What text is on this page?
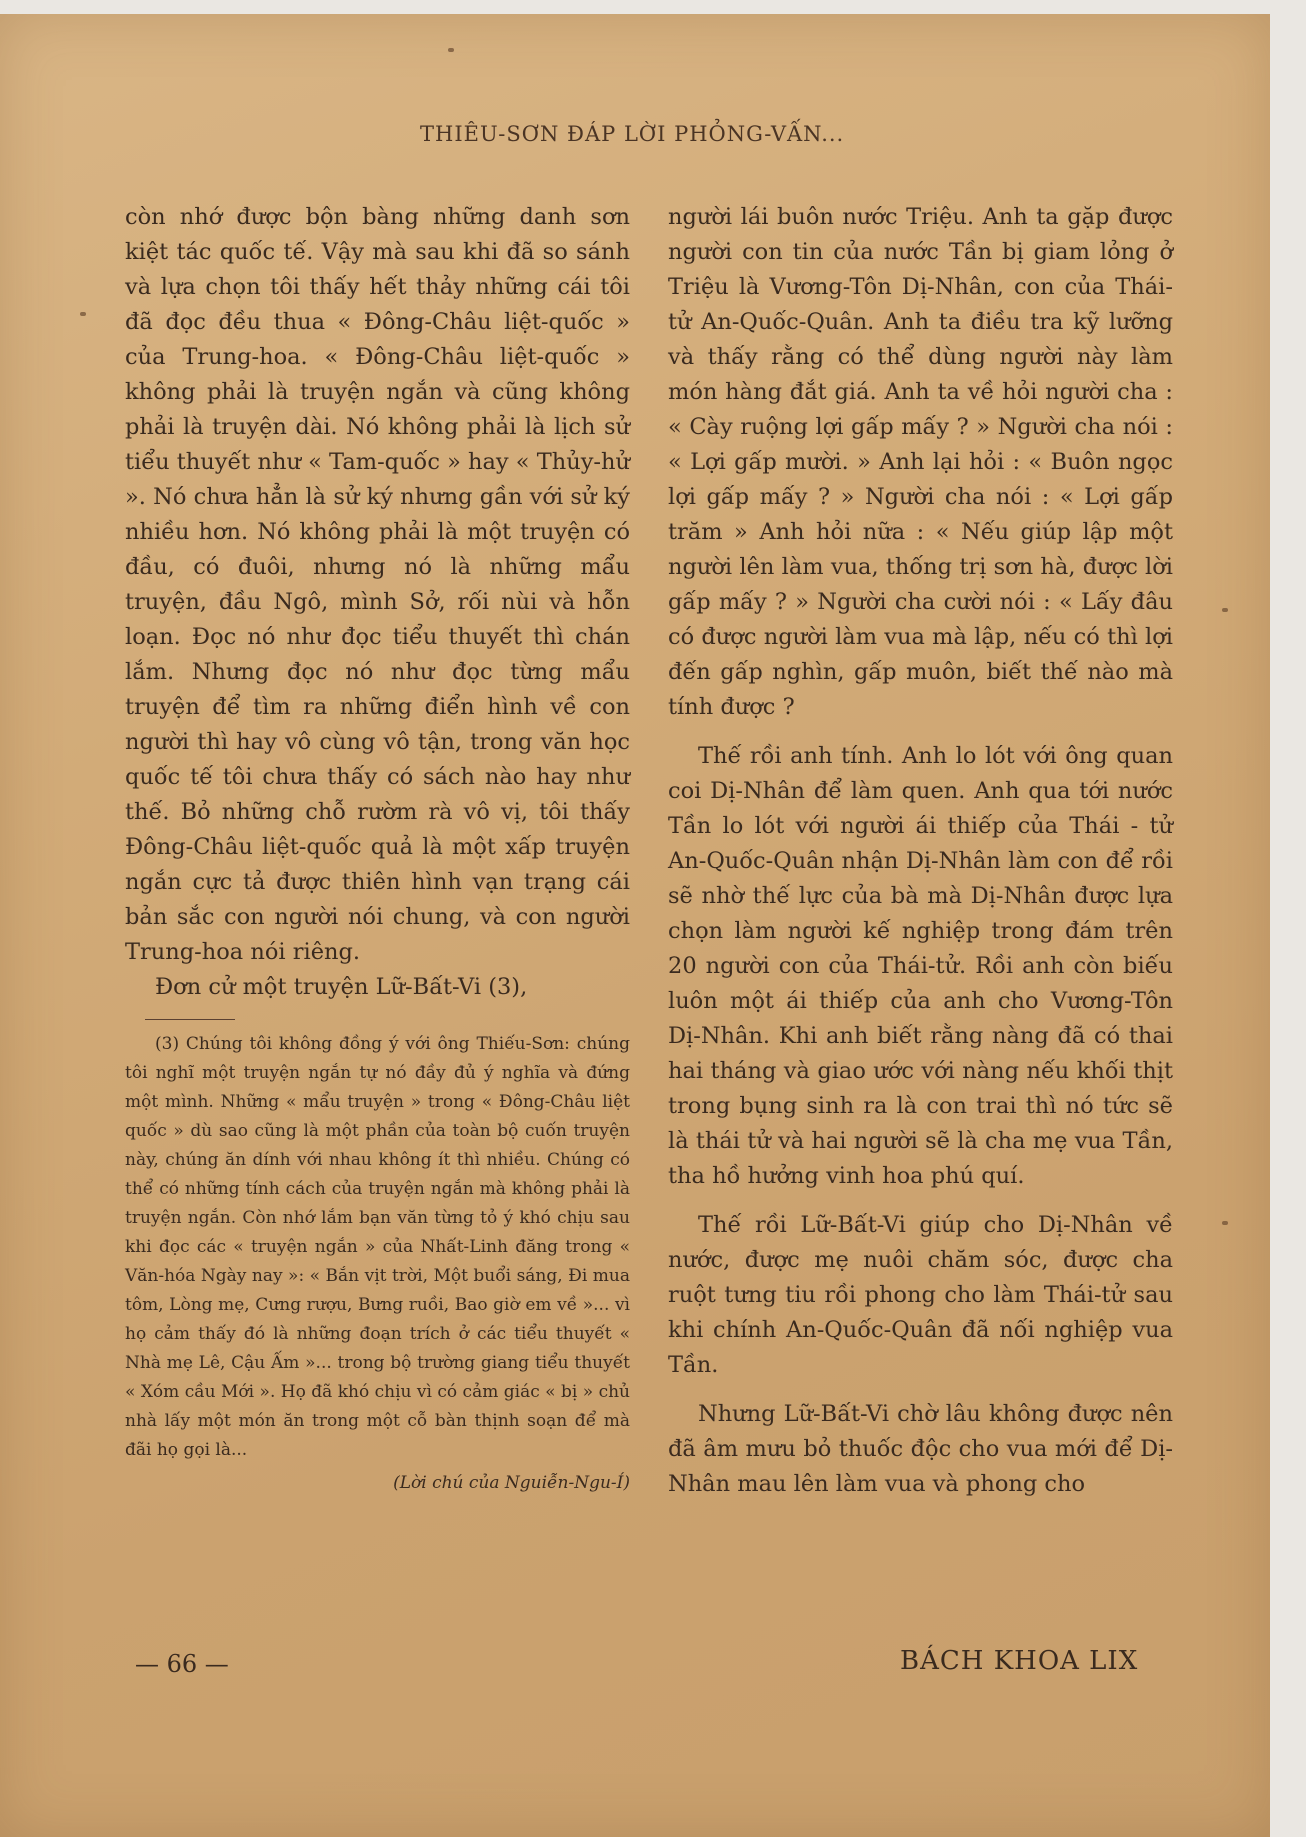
THIÊU-SƠN ĐÁP LỜI PHỎNG-VẤN...

còn nhớ được bộn bàng những danh sơn kiệt tác quốc tế. Vậy mà sau khi đã so sánh và lựa chọn tôi thấy hết thảy những cái tôi đã đọc đều thua « Đông-Châu liệt-quốc » của Trung-hoa. « Đông-Châu liệt-quốc » không phải là truyện ngắn và cũng không phải là truyện dài. Nó không phải là lịch sử tiểu thuyết như « Tam-quốc » hay « Thủy-hử ». Nó chưa hẳn là sử ký nhưng gần với sử ký nhiều hơn. Nó không phải là một truyện có đầu, có đuôi, nhưng nó là những mẩu truyện, đầu Ngô, mình Sở, rối nùi và hỗn loạn. Đọc nó như đọc tiểu thuyết thì chán lắm. Nhưng đọc nó như đọc từng mẩu truyện để tìm ra những điển hình về con người thì hay vô cùng vô tận, trong văn học quốc tế tôi chưa thấy có sách nào hay như thế. Bỏ những chỗ rườm rà vô vị, tôi thấy Đông-Châu liệt-quốc quả là một xấp truyện ngắn cực tả được thiên hình vạn trạng cái bản sắc con người nói chung, và con người Trung-hoa nói riêng.

Đơn cử một truyện Lữ-Bất-Vi (3),

(3) Chúng tôi không đồng ý với ông Thiếu-Sơn: chúng tôi nghĩ một truyện ngắn tự nó đầy đủ ý nghĩa và đứng một mình. Những « mẩu truyện » trong « Đông-Châu liệt quốc » dù sao cũng là một phần của toàn bộ cuốn truyện này, chúng ăn dính với nhau không ít thì nhiều. Chúng có thể có những tính cách của truyện ngắn mà không phải là truyện ngắn. Còn nhớ lắm bạn văn từng tỏ ý khó chịu sau khi đọc các « truyện ngắn » của Nhất-Linh đăng trong « Văn-hóa Ngày nay »: « Bắn vịt trời, Một buổi sáng, Đi mua tôm, Lòng mẹ, Cưng rượu, Bưng ruồi, Bao giờ em về »... vì họ cảm thấy đó là những đoạn trích ở các tiểu thuyết « Nhà mẹ Lê, Cậu Ấm »... trong bộ trường giang tiểu thuyết « Xóm cầu Mới ». Họ đã khó chịu vì có cảm giác « bị » chủ nhà lấy một món ăn trong một cỗ bàn thịnh soạn để mà đãi họ gọi là...
(Lời chú của Nguiễn-Ngu-Í)

người lái buôn nước Triệu. Anh ta gặp được người con tin của nước Tần bị giam lỏng ở Triệu là Vương-Tôn Dị-Nhân, con của Thái-tử An-Quốc-Quân. Anh ta điều tra kỹ lưỡng và thấy rằng có thể dùng người này làm món hàng đắt giá. Anh ta về hỏi người cha : « Cày ruộng lợi gấp mấy ? » Người cha nói : « Lợi gấp mười. » Anh lại hỏi : « Buôn ngọc lợi gấp mấy ? » Người cha nói : « Lợi gấp trăm » Anh hỏi nữa : « Nếu giúp lập một người lên làm vua, thống trị sơn hà, được lời gấp mấy ? » Người cha cười nói : « Lấy đâu có được người làm vua mà lập, nếu có thì lợi đến gấp nghìn, gấp muôn, biết thế nào mà tính được ?

Thế rồi anh tính. Anh lo lót với ông quan coi Dị-Nhân để làm quen. Anh qua tới nước Tần lo lót với người ái thiếp của Thái - tử An-Quốc-Quân nhận Dị-Nhân làm con để rồi sẽ nhờ thế lực của bà mà Dị-Nhân được lựa chọn làm người kế nghiệp trong đám trên 20 người con của Thái-tử. Rồi anh còn biếu luôn một ái thiếp của anh cho Vương-Tôn Dị-Nhân. Khi anh biết rằng nàng đã có thai hai tháng và giao ước với nàng nếu khối thịt trong bụng sinh ra là con trai thì nó tức sẽ là thái tử và hai người sẽ là cha mẹ vua Tần, tha hồ hưởng vinh hoa phú quí.

Thế rồi Lữ-Bất-Vi giúp cho Dị-Nhân về nước, được mẹ nuôi chăm sóc, được cha ruột tưng tiu rồi phong cho làm Thái-tử sau khi chính An-Quốc-Quân đã nối nghiệp vua Tần.

Nhưng Lữ-Bất-Vi chờ lâu không được nên đã âm mưu bỏ thuốc độc cho vua mới để Dị-Nhân mau lên làm vua và phong cho

— 66 —	BÁCH KHOA LIX
